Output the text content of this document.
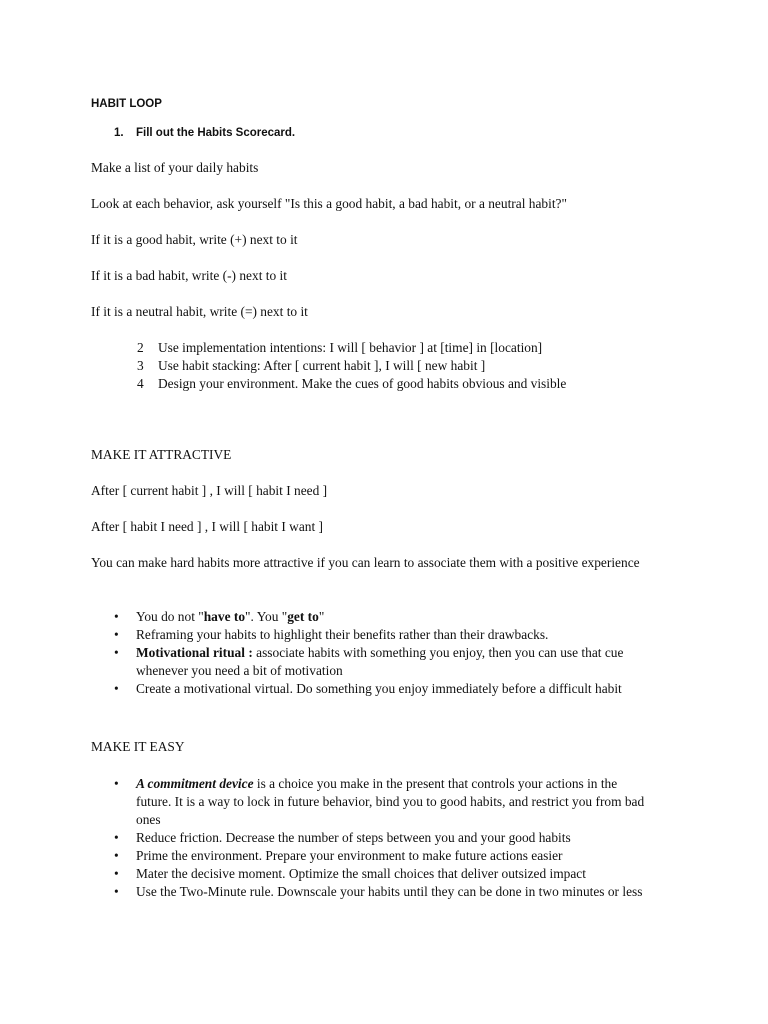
HABIT LOOP
1. Fill out the Habits Scorecard.
Make a list of your daily habits
Look at each behavior, ask yourself "Is this a good habit, a bad habit, or a neutral habit?"
If it is a good habit, write (+) next to it
If it is a bad habit, write (-) next to it
If it is a neutral habit, write (=) next to it
2	Use implementation intentions: I will [ behavior ] at [time] in [location]
3	Use habit stacking: After [ current habit ], I will [ new habit ]
4	Design your environment. Make the cues of good habits obvious and visible
MAKE IT ATTRACTIVE
After [ current habit ] , I will [ habit I need ]
After [ habit I need ] , I will [ habit I want ]
You can make hard habits more attractive if you can learn to associate them with a positive experience
• You do not "have to". You "get to"
• Reframing your habits to highlight their benefits rather than their drawbacks.
• Motivational ritual : associate habits with something you enjoy, then you can use that cue whenever you need a bit of motivation
• Create a motivational virtual. Do something you enjoy immediately before a difficult habit
MAKE IT EASY
• A commitment device is a choice you make in the present that controls your actions in the future. It is a way to lock in future behavior, bind you to good habits, and restrict you from bad ones
• Reduce friction. Decrease the number of steps between you and your good habits
• Prime the environment. Prepare your environment to make future actions easier
• Mater the decisive moment. Optimize the small choices that deliver outsized impact
• Use the Two-Minute rule. Downscale your habits until they can be done in two minutes or less
